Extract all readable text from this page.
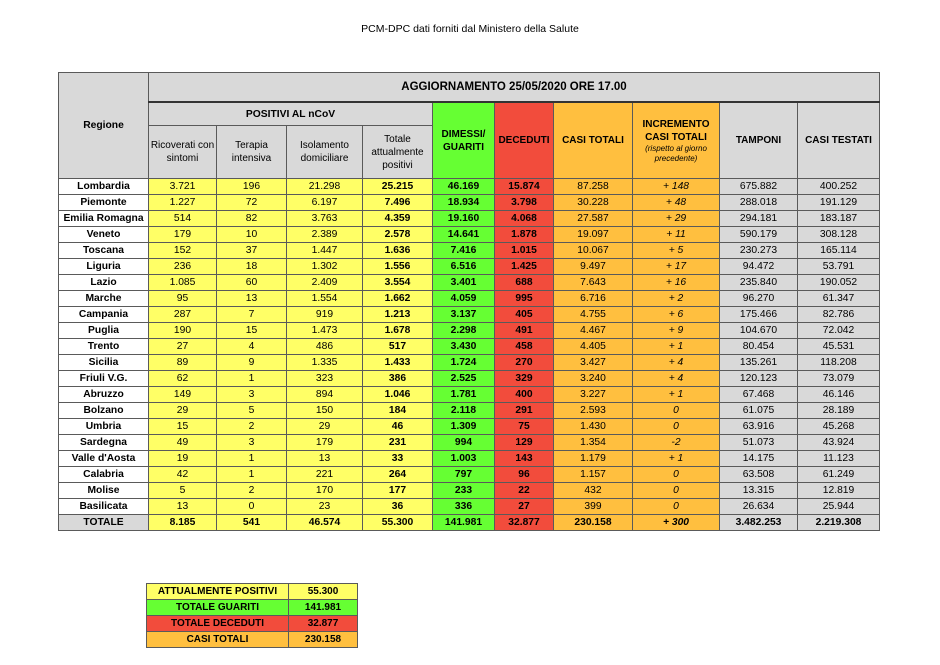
PCM-DPC dati forniti dal Ministero della Salute
Regione	AGGIORNAMENTO 25/05/2020 ORE 17.00									
	POSITIVI AL nCoV				DIMESSI/ GUARITI	DECEDUTI	CASI TOTALI	INCREMENTO CASI TOTALI
(rispetto al giorno precedente)	TAMPONI	CASI TESTATI
	Ricoverati con sintomi	Terapia intensiva	Isolamento domiciliare	Totale attualmente positivi						
Lombardia	3.721	196	21.298	25.215	46.169	15.874	87.258	+ 148	675.882	400.252
Piemonte	1.227	72	6.197	7.496	18.934	3.798	30.228	+ 48	288.018	191.129
Emilia Romagna	514	82	3.763	4.359	19.160	4.068	27.587	+ 29	294.181	183.187
Veneto	179	10	2.389	2.578	14.641	1.878	19.097	+ 11	590.179	308.128
Toscana	152	37	1.447	1.636	7.416	1.015	10.067	+ 5	230.273	165.114
Liguria	236	18	1.302	1.556	6.516	1.425	9.497	+ 17	94.472	53.791
Lazio	1.085	60	2.409	3.554	3.401	688	7.643	+ 16	235.840	190.052
Marche	95	13	1.554	1.662	4.059	995	6.716	+ 2	96.270	61.347
Campania	287	7	919	1.213	3.137	405	4.755	+ 6	175.466	82.786
Puglia	190	15	1.473	1.678	2.298	491	4.467	+ 9	104.670	72.042
Trento	27	4	486	517	3.430	458	4.405	+ 1	80.454	45.531
Sicilia	89	9	1.335	1.433	1.724	270	3.427	+ 4	135.261	118.208
Friuli V.G.	62	1	323	386	2.525	329	3.240	+ 4	120.123	73.079
Abruzzo	149	3	894	1.046	1.781	400	3.227	+ 1	67.468	46.146
Bolzano	29	5	150	184	2.118	291	2.593	0	61.075	28.189
Umbria	15	2	29	46	1.309	75	1.430	0	63.916	45.268
Sardegna	49	3	179	231	994	129	1.354	-2	51.073	43.924
Valle d'Aosta	19	1	13	33	1.003	143	1.179	+ 1	14.175	11.123
Calabria	42	1	221	264	797	96	1.157	0	63.508	61.249
Molise	5	2	170	177	233	22	432	0	13.315	12.819
Basilicata	13	0	23	36	336	27	399	0	26.634	25.944
TOTALE	8.185	541	46.574	55.300	141.981	32.877	230.158	+ 300	3.482.253	2.219.308
ATTUALMENTE POSITIVI	55.300
TOTALE GUARITI	141.981
TOTALE DECEDUTI	32.877
CASI TOTALI	230.158
